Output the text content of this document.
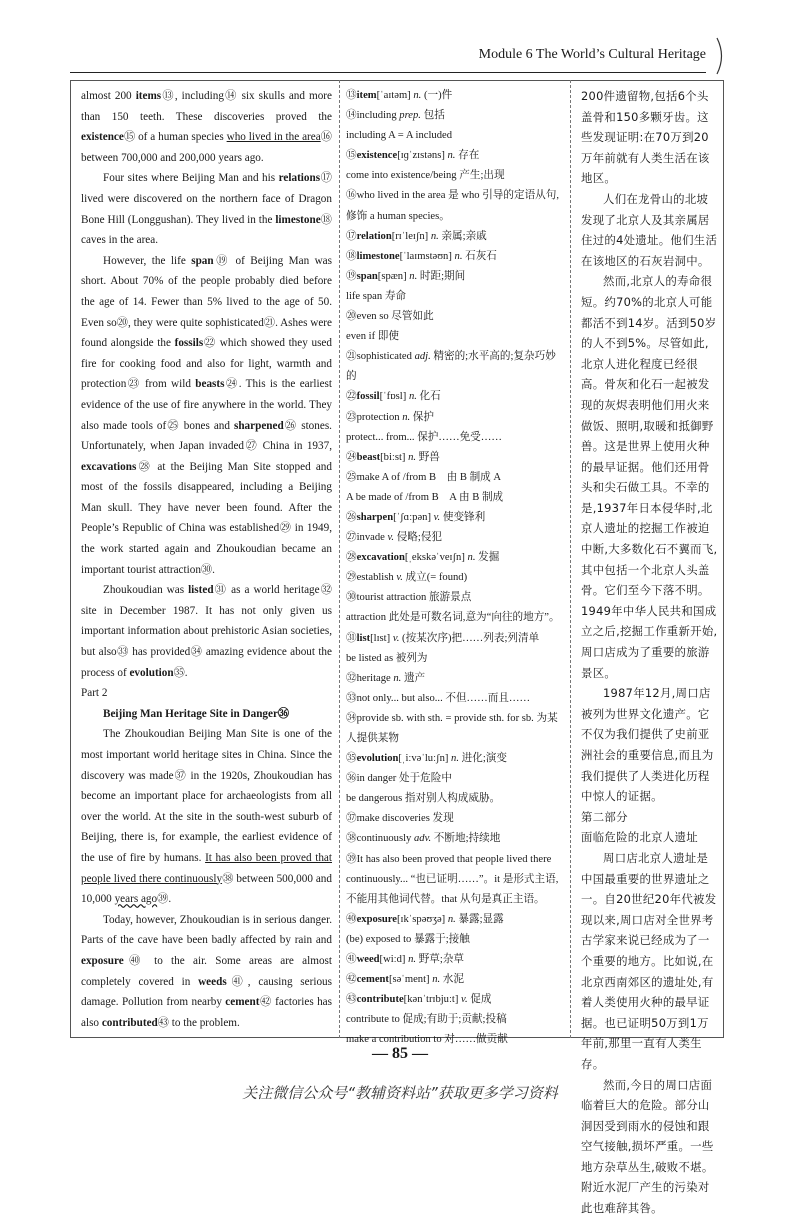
Module 6 The World’s Cultural Heritage

almost 200 items⑬, including⑭ six skulls and more than 150 teeth. These discoveries proved the existence⑮ of a human species who lived in the area⑯ between 700,000 and 200,000 years ago.

Four sites where Beijing Man and his relations⑰ lived were discovered on the northern face of Dragon Bone Hill (Longgushan). They lived in the limestone⑱ caves in the area.

However, the life span⑲ of Beijing Man was short. About 70% of the people probably died before the age of 14. Fewer than 5% lived to the age of 50. Even so⑳, they were quite sophisticated㉑. Ashes were found alongside the fossils㉒ which showed they used fire for cooking food and also for light, warmth and protection㉓ from wild beasts㉔. This is the earliest evidence of the use of fire anywhere in the world. They also made tools of㉕ bones and sharpened㉖ stones. Unfortunately, when Japan invaded㉗ China in 1937, excavations㉘ at the Beijing Man Site stopped and most of the fossils disappeared, including a Beijing Man skull. They have never been found. After the People’s Republic of China was established㉙ in 1949, the work started again and Zhoukoudian became an important tourist attraction㉚.

Zhoukoudian was listed㉛ as a world heritage㉜ site in December 1987. It has not only given us important information about prehistoric Asian societies, but also㉝ has provided㉞ amazing evidence about the process of evolution㉟.

Part 2

Beijing Man Heritage Site in Danger㊱

The Zhoukoudian Beijing Man Site is one of the most important world heritage sites in China. Since the discovery was made㊲ in the 1920s, Zhoukoudian has become an important place for archaeologists from all over the world. At the site in the south-west suburb of Beijing, there is, for example, the earliest evidence of the use of fire by humans. It has also been proved that people lived there continuously㊳ between 500,000 and 10,000 years ago㊴.

Today, however, Zhoukoudian is in serious danger. Parts of the cave have been badly affected by rain and exposure㊵ to the air. Some areas are almost completely covered in weeds㊶, causing serious damage. Pollution from nearby cement㊷ factories has also contributed㊸ to the problem.

⑬item[ˈaɪtəm] n. (一)件
⑭including prep. 包括
including A = A included
⑮existence[ɪɡˈzɪstəns] n. 存在
come into existence/being 产生;出现
⑯who lived in the area 是 who 引导的定语从句,修饰 a human species。
⑰relation[rɪˈleɪʃn] n. 亲属;亲戚
⑱limestone[ˈlaɪmstəʊn] n. 石灰石
⑲span[spæn] n. 时距;期间
life span 寿命
⑳even so 尽管如此
even if 即使
㉑sophisticated adj. 精密的;水平高的;复杂巧妙的
㉒fossil[ˈfɒsl] n. 化石
㉓protection n. 保护
protect... from... 保护……免受……
㉔beast[biːst] n. 野兽
㉕make A of /from B　由 B 制成 A
A be made of /from B　A 由 B 制成
㉖sharpen[ˈʃɑːpən] v. 使变锋利
㉗invade v. 侵略;侵犯
㉘excavation[ˌekskəˈveɪʃn] n. 发掘
㉙establish v. 成立(= found)
㉚tourist attraction 旅游景点
attraction 此处是可数名词,意为“向往的地方”。
㉛list[lɪst] v. (按某次序)把……列表;列清单
be listed as 被列为
㉜heritage n. 遗产
㉝not only... but also... 不但……而且……
㉞provide sb. with sth. = provide sth. for sb. 为某人提供某物
㉟evolution[ˌiːvəˈluːʃn] n. 进化;演变
㊱in danger 处于危险中
be dangerous 指对别人构成威胁。
㊲make discoveries 发现
㊳continuously adv. 不断地;持续地
㊴It has also been proved that people lived there continuously... “也已证明……”。it 是形式主语,不能用其他词代替。that 从句是真正主语。
㊵exposure[ɪkˈspəʊʒə] n. 暴露;显露
(be) exposed to 暴露于;接触
㊶weed[wiːd] n. 野草;杂草
㊷cement[səˈment] n. 水泥
㊸contribute[kənˈtrɪbjuːt] v. 促成
contribute to 促成;有助于;贡献;投稿
make a contribution to 对……做贡献

200件遗留物,包括6个头盖骨和150多颗牙齿。这些发现证明:在70万到20万年前就有人类生活在该地区。

人们在龙骨山的北坡发现了北京人及其亲属居住过的4处遗址。他们生活在该地区的石灰岩洞中。

然而,北京人的寿命很短。约70%的北京人可能都活不到14岁。活到50岁的人不到5%。尽管如此,北京人进化程度已经很高。骨灰和化石一起被发现的灰烬表明他们用火来做饭、照明,取暖和抵御野兽。这是世界上使用火种的最早证据。他们还用骨头和尖石做工具。不幸的是,1937年日本侵华时,北京人遗址的挖掘工作被迫中断,大多数化石不翼而飞,其中包括一个北京人头盖骨。它们至今下落不明。1949年中华人民共和国成立之后,挖掘工作重新开始,周口店成为了重要的旅游景区。

1987年12月,周口店被列为世界文化遗产。它不仅为我们提供了史前亚洲社会的重要信息,而且为我们提供了人类进化历程中惊人的证据。

第二部分

面临危险的北京人遗址

周口店北京人遗址是中国最重要的世界遗址之一。自20世纪20年代被发现以来,周口店对全世界考古学家来说已经成为了一个重要的地方。比如说,在北京西南郊区的遗址处,有着人类使用火种的最早证据。也已证明50万到1万年前,那里一直有人类生存。

然而,今日的周口店面临着巨大的危险。部分山洞因受到雨水的侵蚀和跟空气接触,损坏严重。一些地方杂草丛生,破败不堪。附近水泥厂产生的污染对此也难辞其咎。

— 85 —
关注微信公众号“教辅资料站”获取更多学习资料
